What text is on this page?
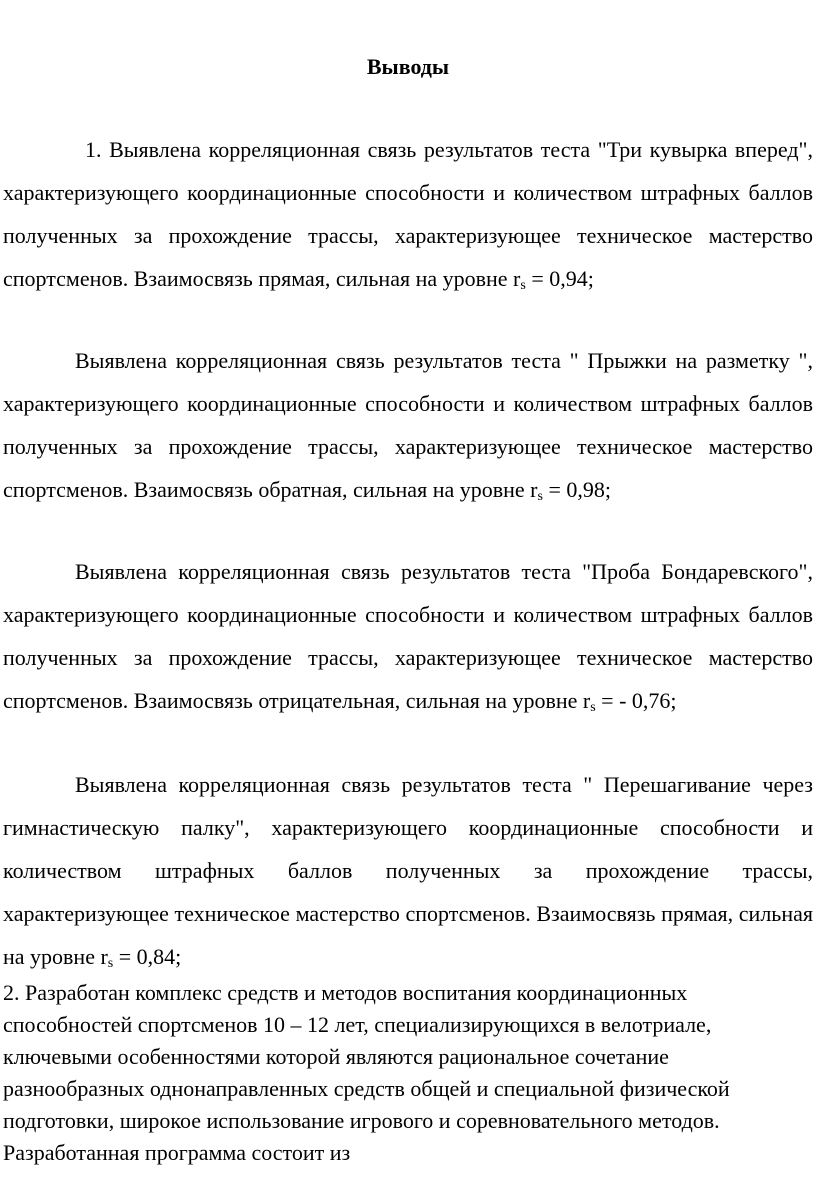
Выводы

1. Выявлена корреляционная связь результатов теста "Три кувырка вперед", характеризующего координационные способности и количеством штрафных баллов полученных за прохождение трассы, характеризующее техническое мастерство спортсменов. Взаимосвязь прямая, сильная на уровне $r_s = 0,94$;

Выявлена корреляционная связь результатов теста " Прыжки на разметку ", характеризующего координационные способности и количеством штрафных баллов полученных за прохождение трассы, характеризующее техническое мастерство спортсменов. Взаимосвязь обратная, сильная на уровне $r_s = 0,98$;

Выявлена корреляционная связь результатов теста "Проба Бондаревского", характеризующего координационные способности и количеством штрафных баллов полученных за прохождение трассы, характеризующее техническое мастерство спортсменов. Взаимосвязь отрицательная, сильная на уровне $r_s$ = - 0,76;

Выявлена корреляционная связь результатов теста " Перешагивание через гимнастическую палку", характеризующего координационные способности и количеством штрафных баллов полученных за прохождение трассы, характеризующее техническое мастерство спортсменов. Взаимосвязь прямая, сильная на уровне $r_s = 0,84$;

2. Разработан комплекс средств и методов воспитания координационных способностей спортсменов 10 – 12 лет, специализирующихся в велотриале, ключевыми особенностями которой являются рациональное сочетание разнообразных однонаправленных средств общей и специальной физической подготовки, широкое использование игрового и соревновательного методов. Разработанная программа состоит из
